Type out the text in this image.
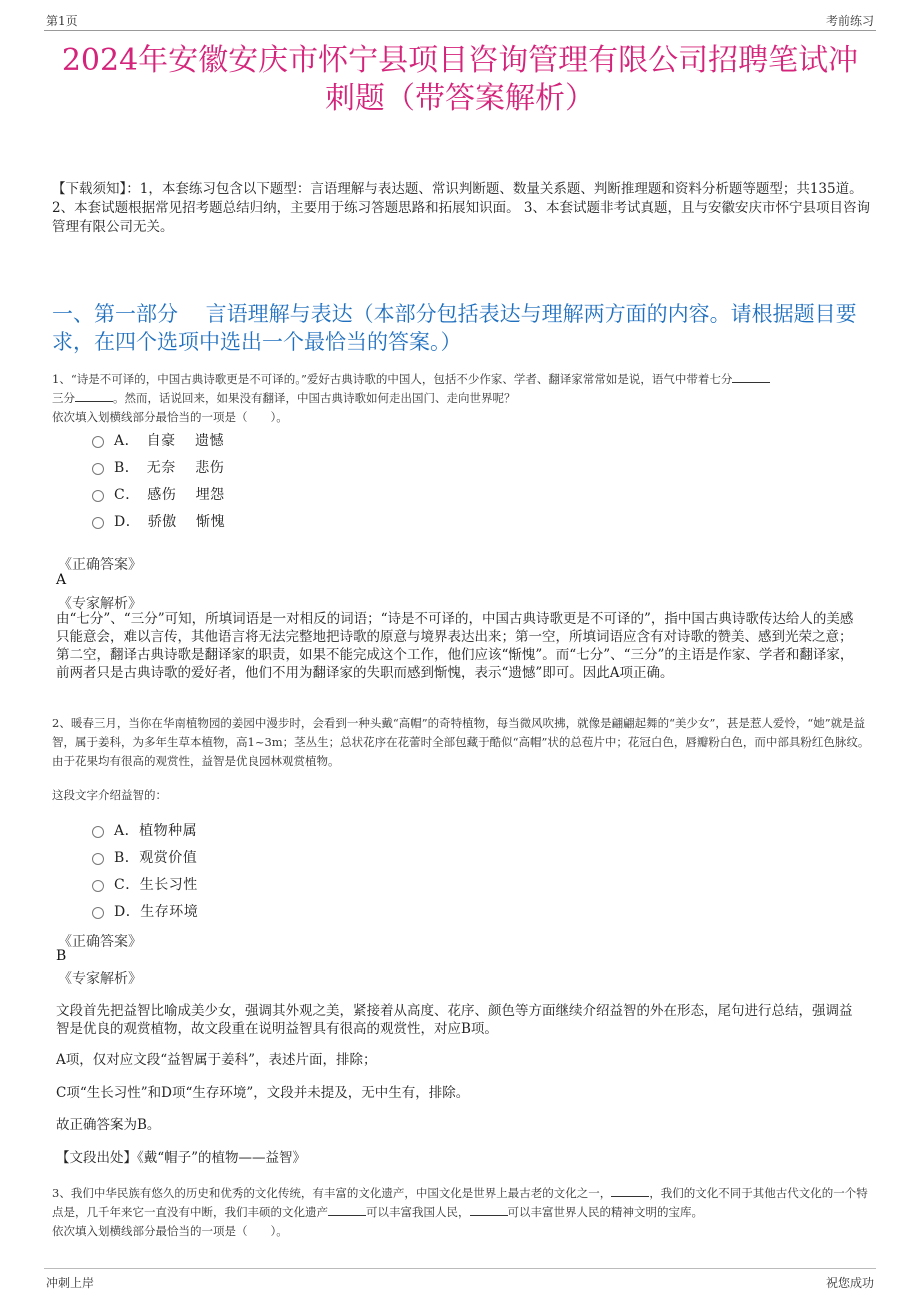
第1页	考前练习
2024年安徽安庆市怀宁县项目咨询管理有限公司招聘笔试冲刺题（带答案解析）
【下载须知】：1，本套练习包含以下题型：言语理解与表达题、常识判断题、数量关系题、判断推理题和资料分析题等题型；共135道。 2、本套试题根据常见招考题总结归纳，主要用于练习答题思路和拓展知识面。 3、本套试题非考试真题，且与安徽安庆市怀宁县项目咨询管理有限公司无关。
一、第一部分　 言语理解与表达（本部分包括表达与理解两方面的内容。请根据题目要求，在四个选项中选出一个最恰当的答案。）
1、“诗是不可译的，中国古典诗歌更是不可译的。”爱好古典诗歌的中国人，包括不少作家、学者、翻译家常常如是说，语气中带着七分
三分	。然而，话说回来，如果没有翻译，中国古典诗歌如何走出国门、走向世界呢？
依次填入划横线部分最恰当的一项是（　　）。
A．　自豪　 遗憾
B．　无奈　 悲伤
C．　感伤　 埋怨
D．　骄傲　 惭愧
《正确答案》
A
《专家解析》
由“七分”、“三分”可知，所填词语是一对相反的词语；“诗是不可译的，中国古典诗歌更是不可译的”，指中国古典诗歌传达给人的美感只能意会，难以言传，其他语言将无法完整地把诗歌的原意与境界表达出来；第一空，所填词语应含有对诗歌的赞美、感到光荣之意；第二空，翻译古典诗歌是翻译家的职责，如果不能完成这个工作，他们应该“惭愧”。而“七分”、“三分”的主语是作家、学者和翻译家，前两者只是古典诗歌的爱好者，他们不用为翻译家的失职而感到惭愧，表示“遗憾”即可。因此A项正确。
2、暖春三月，当你在华南植物园的姜园中漫步时，会看到一种头戴“高帽”的奇特植物，每当微风吹拂，就像是翩翩起舞的“美少女”，甚是惹人爱怜，“她”就是益智，属于姜科，为多年生草本植物，高1~3m；茎丛生；总状花序在花蕾时全部包藏于酷似“高帽”状的总苞片中；花冠白色，唇瓣粉白色，而中部具粉红色脉纹。由于花果均有很高的观赏性，益智是优良园林观赏植物。
这段文字介绍益智的：
A．植物种属
B．观赏价值
C．生长习性
D．生存环境
《正确答案》
B
《专家解析》
文段首先把益智比喻成美少女，强调其外观之美，紧接着从高度、花序、颜色等方面继续介绍益智的外在形态，尾句进行总结，强调益智是优良的观赏植物，故文段重在说明益智具有很高的观赏性，对应B项。
A项，仅对应文段“益智属于姜科”，表述片面，排除；
C项“生长习性”和D项“生存环境”，文段并未提及，无中生有，排除。
故正确答案为B。
【文段出处】《戴“帽子”的植物——益智》
3、我们中华民族有悠久的历史和优秀的文化传统，有丰富的文化遗产，中国文化是世界上最古老的文化之一，	，我们的文化不同于其他古代文化的一个特点是，几千年来它一直没有中断，我们丰硕的文化遗产	可以丰富我国人民，	可以丰富世界人民的精神文明的宝库。
依次填入划横线部分最恰当的一项是（　　）。
冲刺上岸	祝您成功
